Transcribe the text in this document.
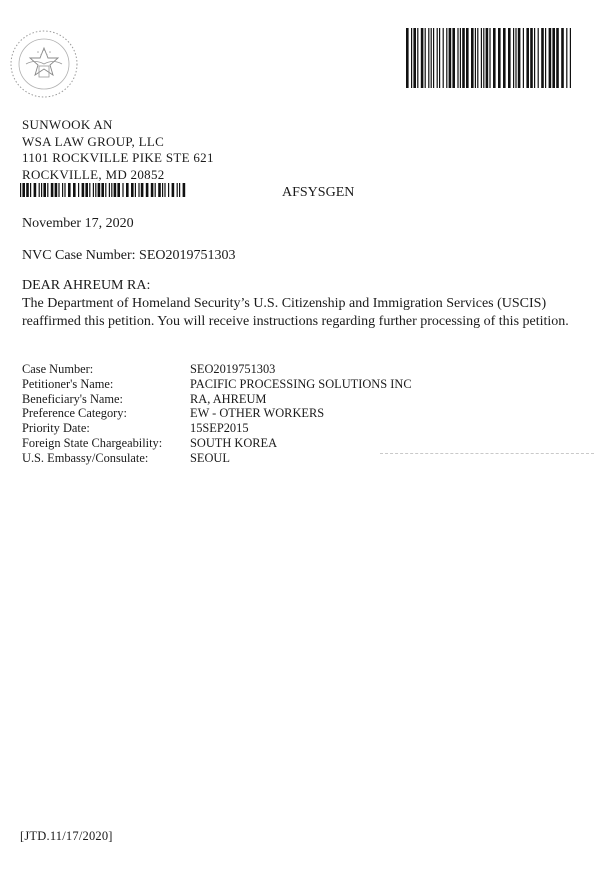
SUNWOOK AN
WSA LAW GROUP, LLC
1101 ROCKVILLE PIKE STE 621
ROCKVILLE, MD 20852
AFSYSGEN
November 17, 2020
NVC Case Number: SEO2019751303
DEAR AHREUM RA:
The Department of Homeland Security’s U.S. Citizenship and Immigration Services (USCIS) reaffirmed this petition. You will receive instructions regarding further processing of this petition.
Case Number:	SEO2019751303
Petitioner's Name:	PACIFIC PROCESSING SOLUTIONS INC
Beneficiary's Name:	RA, AHREUM
Preference Category:	EW - OTHER WORKERS
Priority Date:	15SEP2015
Foreign State Chargeability:	SOUTH KOREA
U.S. Embassy/Consulate:	SEOUL
[JTD.11/17/2020]
